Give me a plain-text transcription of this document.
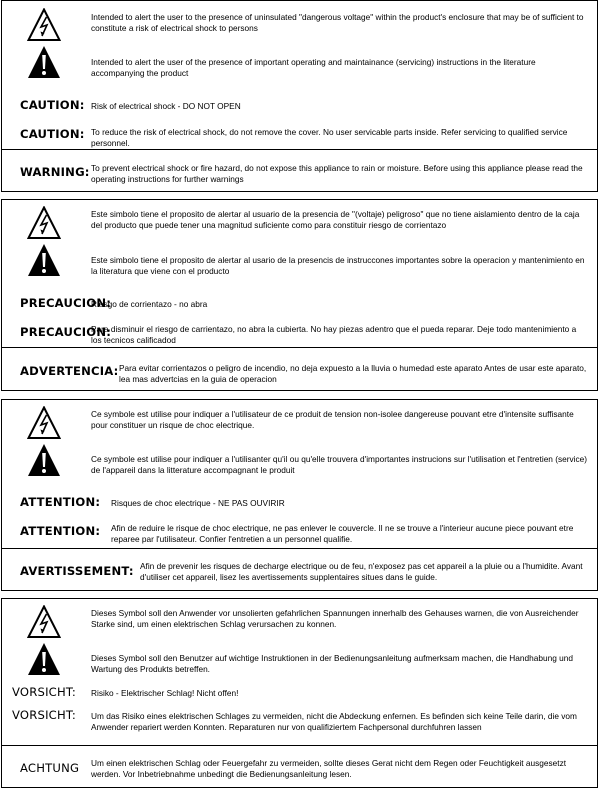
Intended to alert the user to the presence of uninsulated "dangerous voltage" within the product's enclosure that may be of sufficient to constitute a risk of electrical shock to persons
Intended to alert the user of the presence of important operating and maintainance (servicing) instructions in the literature accompanying the product
CAUTION: Risk of electrical shock - DO NOT OPEN
CAUTION: To reduce the risk of electrical shock, do not remove the cover. No user servicable parts inside. Refer servicing to qualified service personnel.
WARNING: To prevent electrical shock or fire hazard, do not expose this appliance to rain or moisture. Before using this appliance please read the operating instructions for further warnings
Este simbolo tiene el proposito de alertar al usuario de la presencia de "(voltaje) peligroso" que no tiene aislamiento dentro de la caja del producto que puede tener una magnitud suficiente como para constituir riesgo de corrientazo
Este simbolo tiene el proposito de alertar al usario de la presencis de instruccones importantes sobre la operacion y mantenimiento en la literatura que viene con el producto
PRECAUCION:
Riesgo de corrientazo - no abra
PRECAUCION:
Para disminuir el riesgo de carrientazo, no abra la cubierta. No hay piezas adentro que el pueda reparar. Deje todo mantenimiento a los tecnicos calificadod
ADVERTENCIA: Para evitar corrientazos o peligro de incendio, no deja expuesto a la lluvia o humedad este aparato Antes de usar este aparato, lea mas advertcias en la guia de operacion
Ce symbole est utilise pour indiquer a l'utilisateur de ce produit de tension non-isolee dangereuse pouvant etre d'intensite suffisante pour constituer un risque de choc electrique.
Ce symbole est utilise pour indiquer a l'utilisanter qu'il ou qu'elle trouvera d'importantes instrucions sur l'utilisation et l'entretien (service) de l'appareil dans la litterature accompagnant le produit
ATTENTION: Risques de choc electrique - NE PAS OUVIRIR
ATTENTION: Afin de reduire le risque de choc electrique, ne pas enlever le couvercle. Il ne se trouve a l'interieur aucune piece pouvant etre reparee par l'utilisateur. Confier l'entretien a un personnel qualifie.
AVERTISSEMENT: Afin de prevenir les risques de decharge electrique ou de feu, n'exposez pas cet appareil a la pluie ou a l'humidite. Avant d'utiliser cet appareil, lisez les avertissements supplentaires situes dans le guide.
Dieses Symbol soll den Anwender vor unsolierten gefahrlichen Spannungen innerhalb des Gehauses warnen, die von Ausreichender Starke sind, um einen elektrischen Schlag verursachen zu konnen.
Dieses Symbol soll den Benutzer auf wichtige Instruktionen in der Bedienungsanleitung aufmerksam machen, die Handhabung und Wartung des Produkts betreffen.
VORSICHT: Risiko - Elektrischer Schlag! Nicht offen!
VORSICHT: Um das Risiko eines elektrischen Schlages zu vermeiden, nicht die Abdeckung enfernen. Es befinden sich keine Teile darin, die vom Anwender repariert werden Konnten. Reparaturen nur von qualifiziertem Fachpersonal durchfuhren lassen
ACHTUNG Um einen elektrischen Schlag oder Feuergefahr zu vermeiden, sollte dieses Gerat nicht dem Regen oder Feuchtigkeit ausgesetzt werden. Vor Inbetriebnahme unbedingt die Bedienungsanleitung lesen.
